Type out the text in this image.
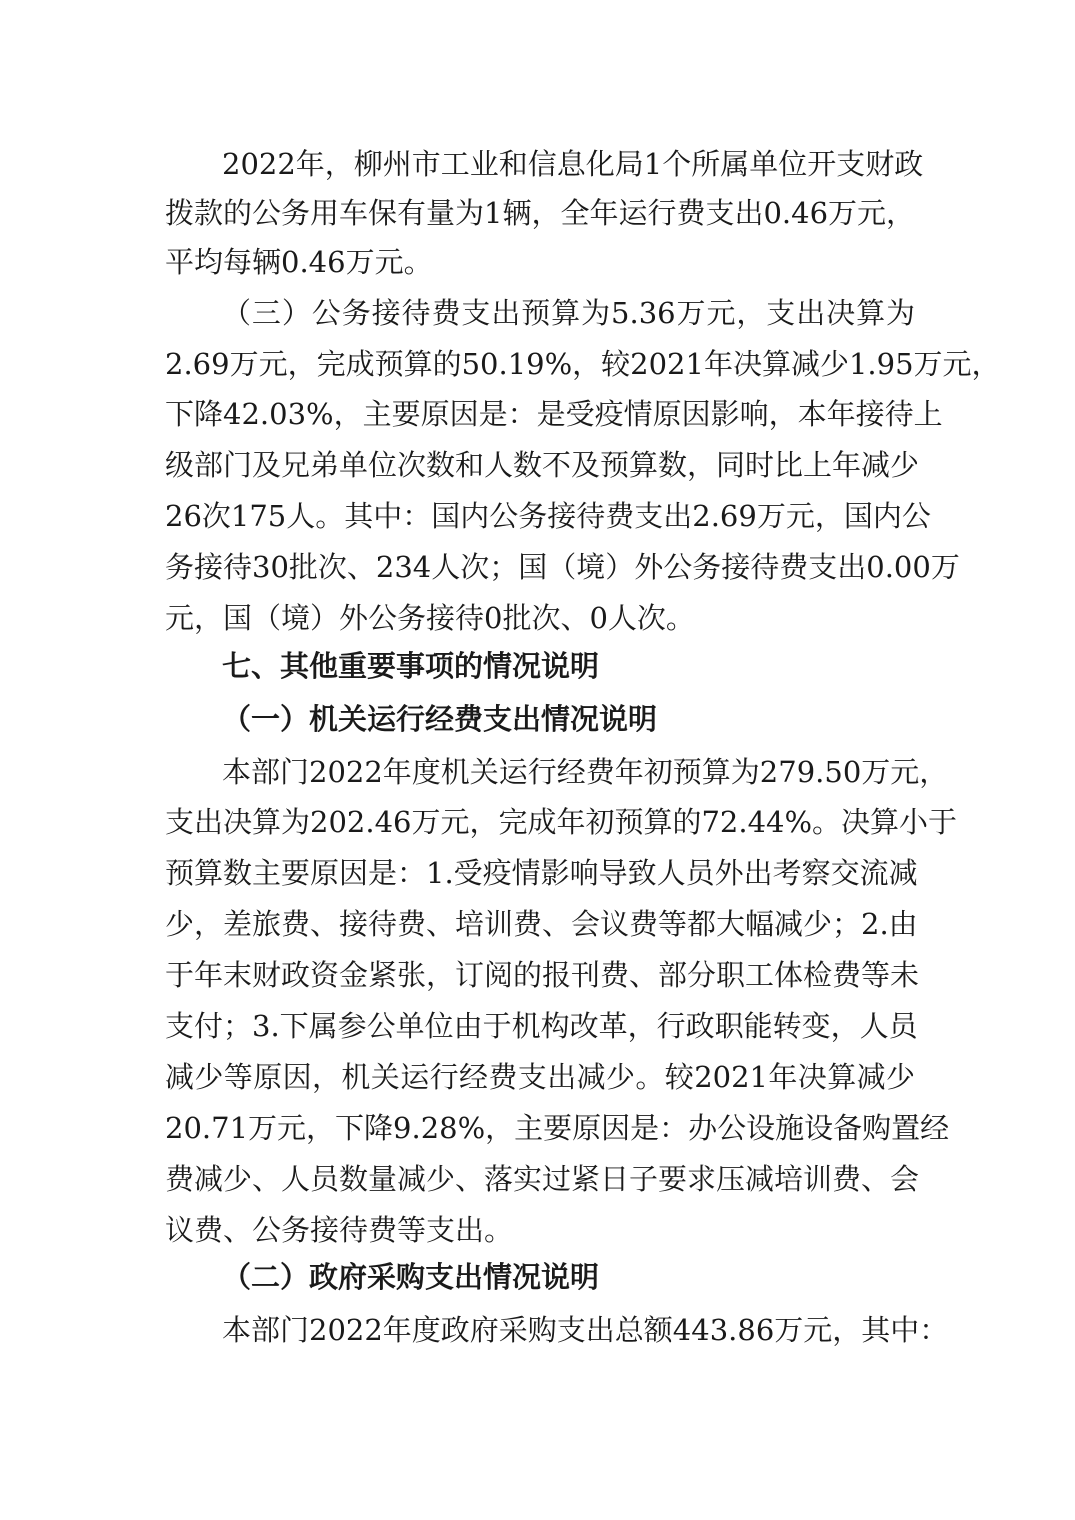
2022年，柳州市工业和信息化局1个所属单位开支财政
拨款的公务用车保有量为1辆，全年运行费支出0.46万元，
平均每辆0.46万元。
（三）公务接待费支出预算为5.36万元，支出决算为
2.69万元，完成预算的50.19%，较2021年决算减少1.95万元，
下降42.03%，主要原因是：是受疫情原因影响，本年接待上
级部门及兄弟单位次数和人数不及预算数，同时比上年减少
26次175人。其中：国内公务接待费支出2.69万元，国内公
务接待30批次、234人次；国（境）外公务接待费支出0.00万
元，国（境）外公务接待0批次、0人次。
七、其他重要事项的情况说明
（一）机关运行经费支出情况说明
本部门2022年度机关运行经费年初预算为279.50万元，
支出决算为202.46万元，完成年初预算的72.44%。决算小于
预算数主要原因是：1.受疫情影响导致人员外出考察交流减
少，差旅费、接待费、培训费、会议费等都大幅减少；2.由
于年末财政资金紧张，订阅的报刊费、部分职工体检费等未
支付；3.下属参公单位由于机构改革，行政职能转变，人员
减少等原因，机关运行经费支出减少。较2021年决算减少
20.71万元，下降9.28%，主要原因是：办公设施设备购置经
费减少、人员数量减少、落实过紧日子要求压减培训费、会
议费、公务接待费等支出。
（二）政府采购支出情况说明
本部门2022年度政府采购支出总额443.86万元，其中：
